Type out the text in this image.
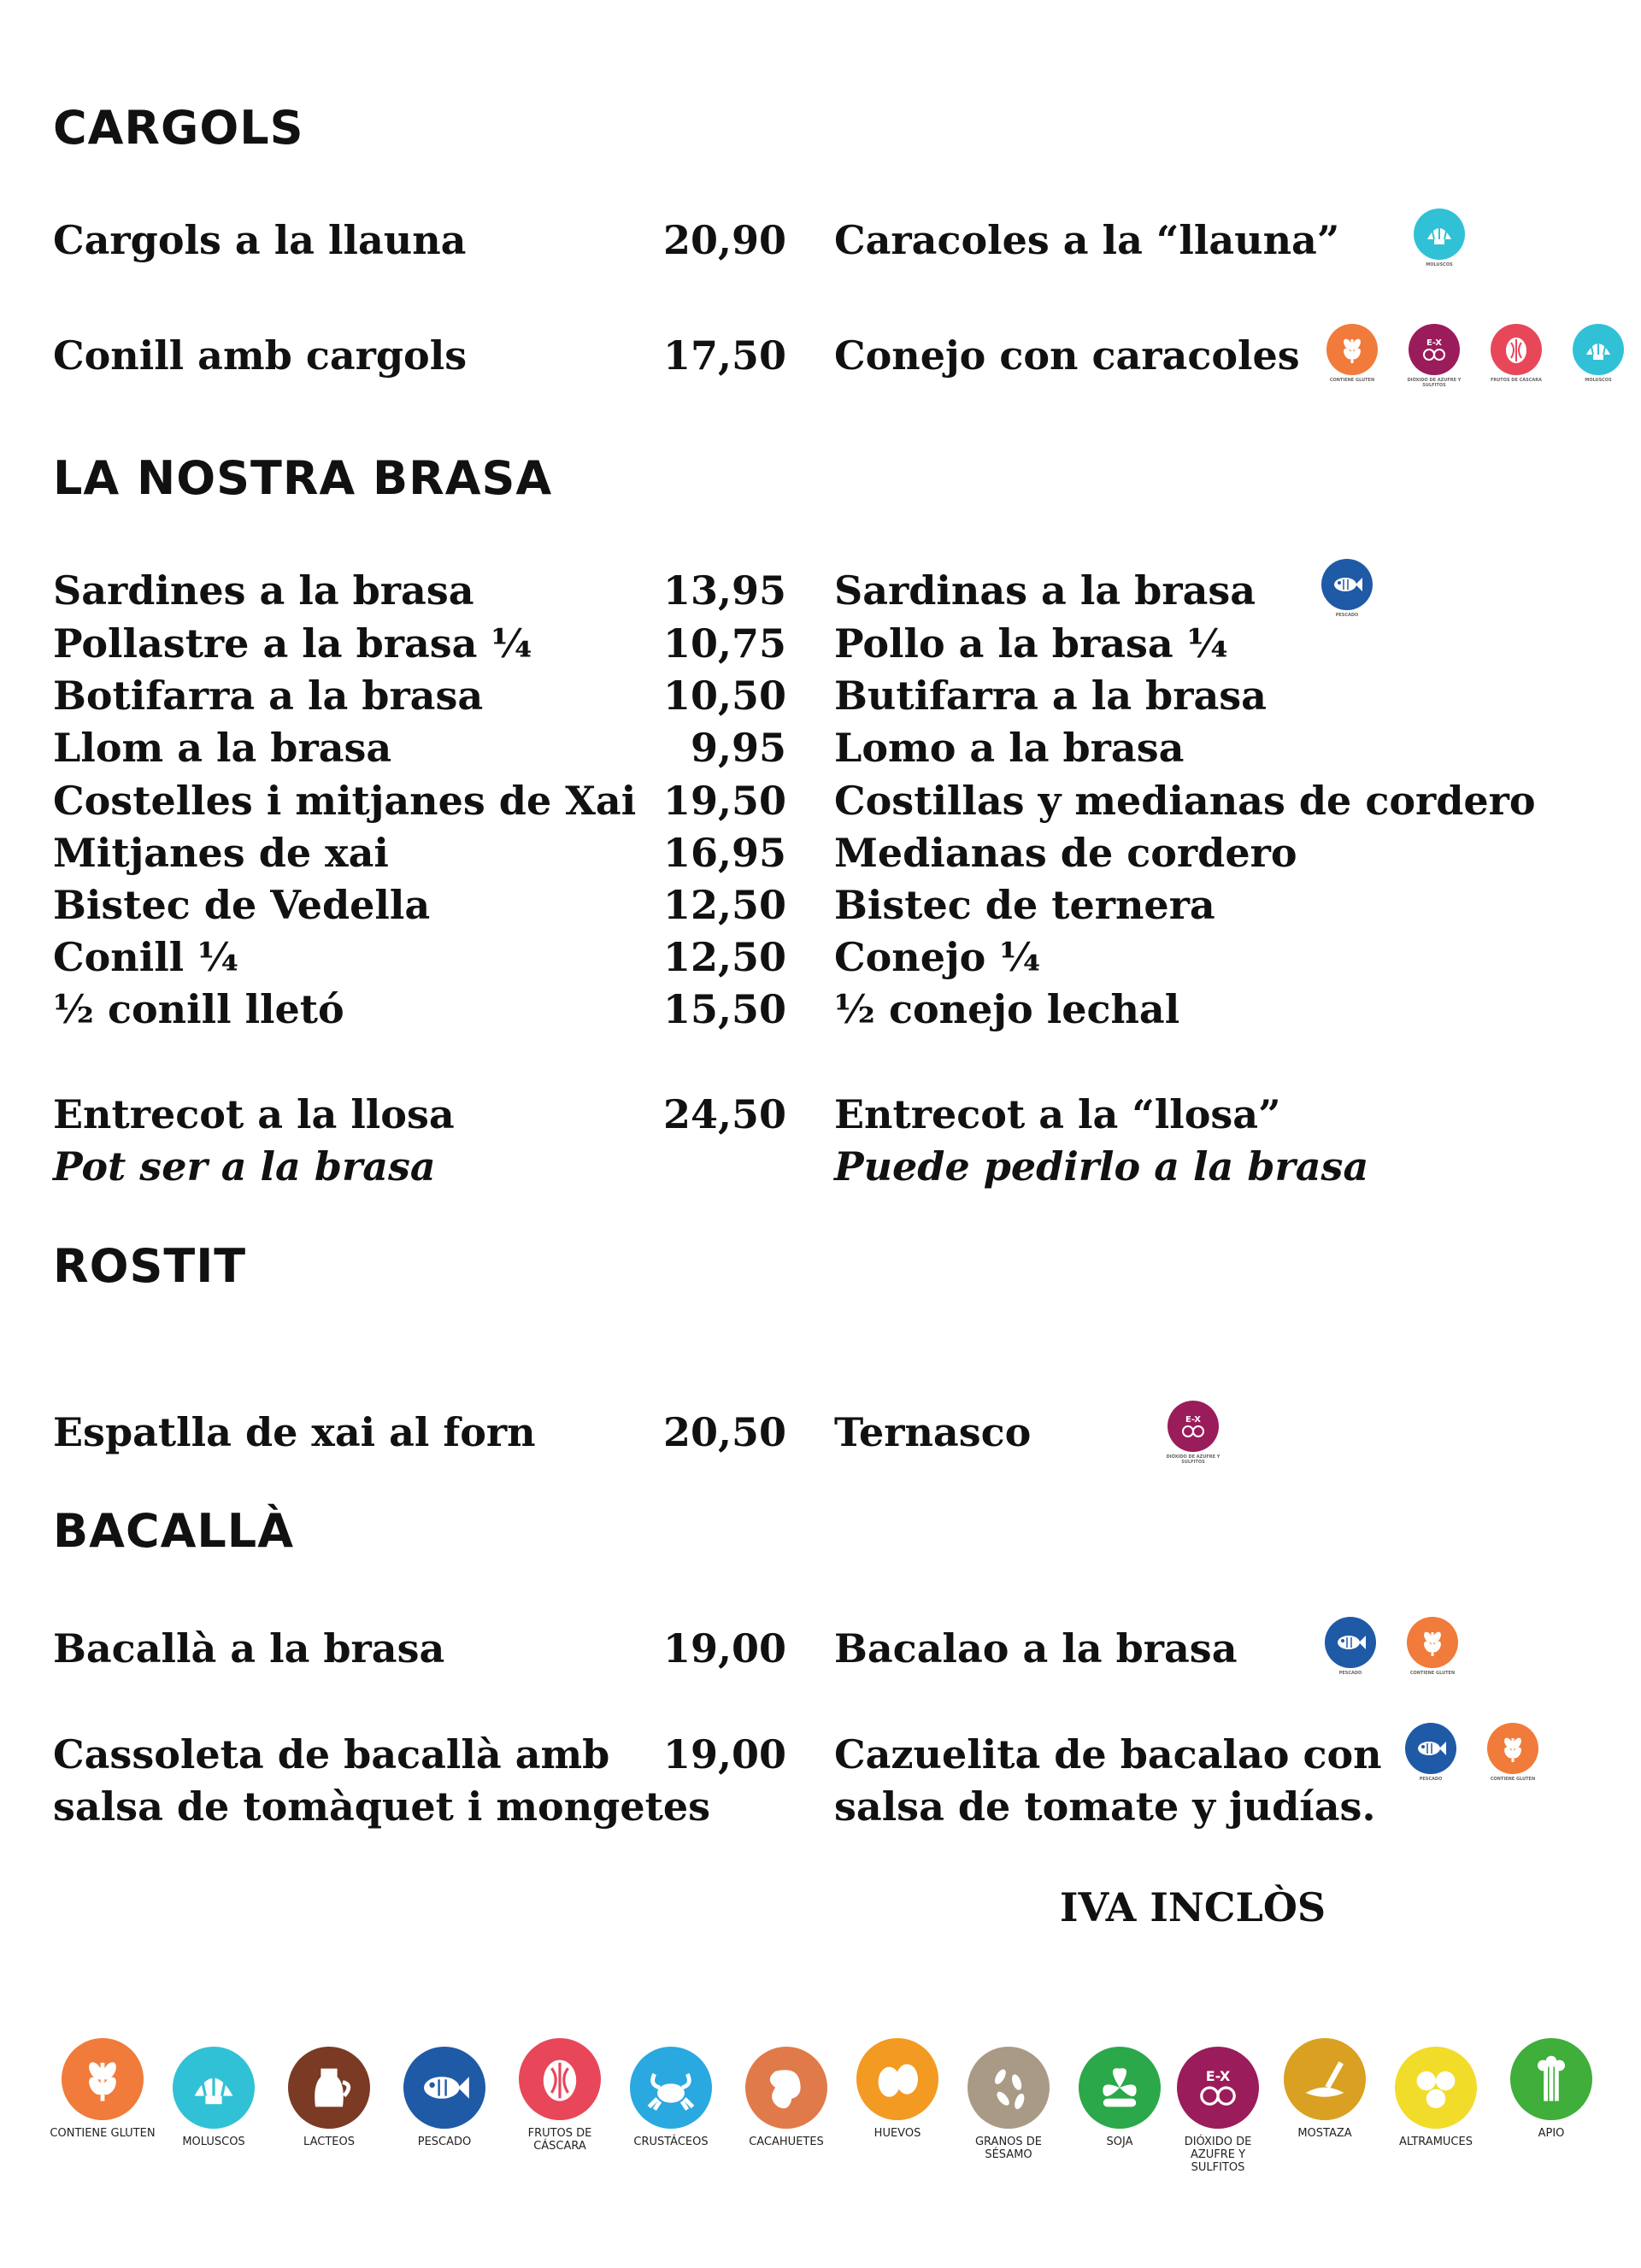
CARGOLS
LA NOSTRA BRASA
ROSTIT
BACALLÀ
Cargols a la llauna	20,90 Caracoles a la “llauna”
MOLUSCOS
Conill amb cargols	17,50 Conejo con caracoles
CONTIENE GLUTEN
E-X
DIÓXIDO DE AZUFRE Y SULFITOS
FRUTOS DE CÁSCARA	MOLUSCOS
Sardines a la brasa	13,95 Sardinas a la brasa
PESCADO
Pollastre a la brasa ¼	10,75 Pollo a la brasa ¼
Botifarra a la brasa	10,50 Butifarra a la brasa
Llom a la brasa	9,95 Lomo a la brasa
Costelles i mitjanes de Xai 19,50 Costillas y medianas de cordero
Mitjanes de xai	16,95 Medianas de cordero
Bistec de Vedella	12,50 Bistec de ternera
Conill ¼	12,50 Conejo ¼
½ conill lletó	15,50 ½ conejo lechal
Entrecot a la llosa	24,50 Entrecot a la “llosa”
Pot ser a la brasa	Puede pedirlo a la brasa
Espatlla de xai al forn	20,50 Ternasco	E-X
DIÓXIDO DE AZUFRE Y SULFITOS
Bacallà a la brasa	19,00 Bacalao a la brasa
PESCADO	CONTIENE GLUTEN
Cassoleta de bacallà amb 19,00 Cazuelita de bacalao con
PESCADO	CONTIENE GLUTEN
salsa de tomàquet i mongetes	salsa de tomate y judías.
IVA INCLÒS
CONTIENE GLUTEN
MOLUSCOS	LACTEOS	PESCADO
FRUTOS DE CÁSCARA	CRUSTÁCEOS	CACAHUETES
HUEVOS
GRANOS DE SÉSAMO
SOJA
E-X
DIÓXIDO DE AZUFRE Y SULFITOS
MOSTAZA
ALTRAMUCES
APIO
